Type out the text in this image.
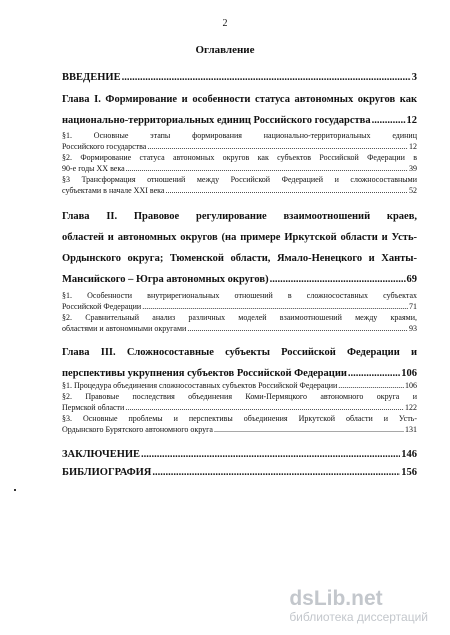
2
Оглавление
ВВЕДЕНИЕ .....	3
Глава I. Формирование и особенности статуса автономных округов как
национально-территориальных единиц Российского государства .....	12
§1. Основные этапы формирования национально-территориальных единиц
Российского государства .....	12
§2. Формирование статуса автономных округов как субъектов Российской Федерации в
90-е годы XX века .....	39
§3 Трансформация отношений между Российской Федерацией и сложносоставными
субъектами в начале XXI века .....	52
Глава II. Правовое регулирование взаимоотношений краев,
областей и автономных округов (на примере Иркутской области и Усть-
Ордынского округа; Тюменской области, Ямало-Ненецкого и Ханты-
Мансийского – Югра автономных округов) .....	69
§1. Особенности внутрирегиональных отношений в сложносоставных субъектах
Российской Федерации .....	71
§2. Сравнительный анализ различных моделей взаимоотношений между краями,
областями и автономными округами .....	93
Глава III. Сложносоставные субъекты Российской Федерации и
перспективы укрупнения субъектов Российской Федерации .....	106
§1. Процедура объединения сложносоставных субъектов Российской Федерации .....	106
§2. Правовые последствия объединения Коми-Пермяцкого автономного округа и
Пермской области .....	122
§3. Основные проблемы и перспективы объединения Иркутской области и Усть-
Ордынского Бурятского автономного округа .....	131
ЗАКЛЮЧЕНИЕ .....	146
БИБЛИОГРАФИЯ .....	156
dsLib.net
библиотека диссертаций
